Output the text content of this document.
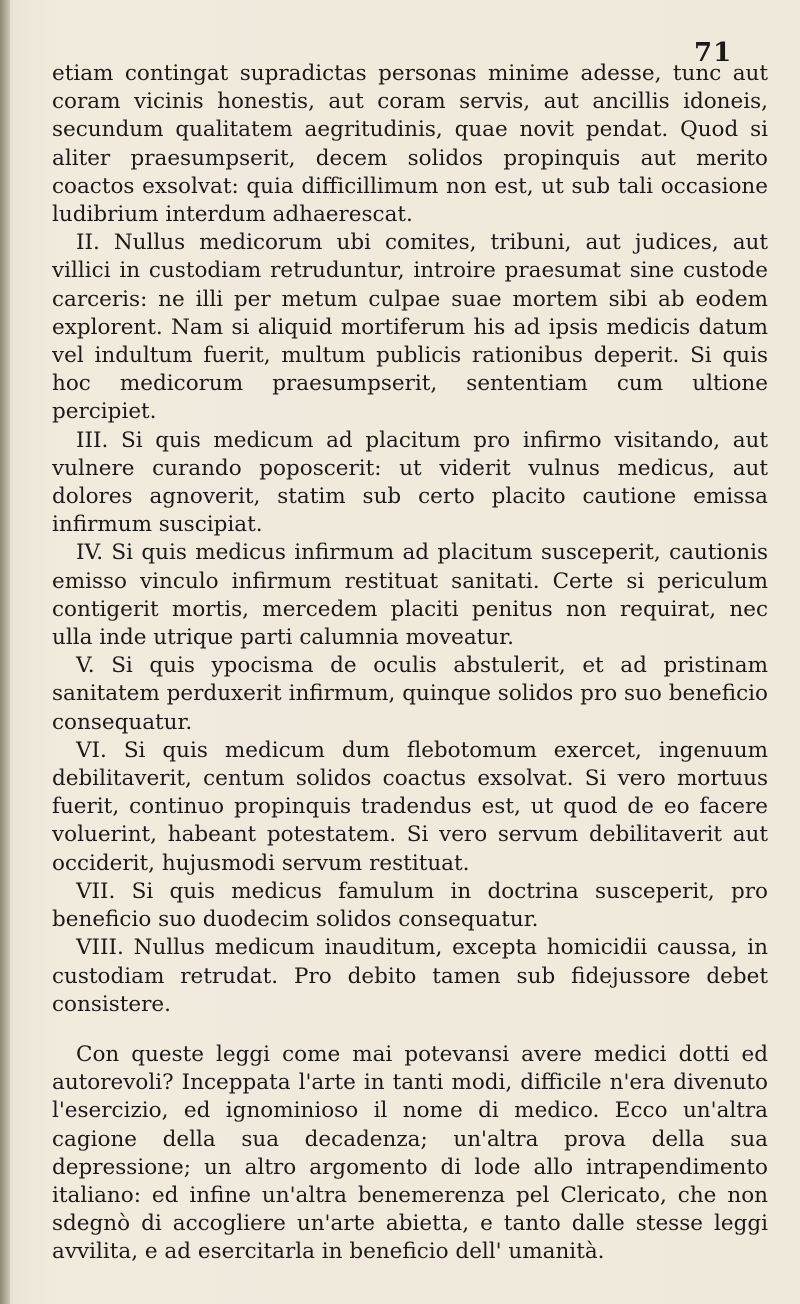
71

etiam contingat supradictas personas minime adesse, tunc aut coram vicinis honestis, aut coram servis, aut ancillis idoneis, secundum qualitatem aegritudinis, quae novit pendat. Quod si aliter praesumpserit, decem solidos propinquis aut merito coactos exsolvat: quia difficillimum non est, ut sub tali occasione ludibrium interdum adhaerescat.

II. Nullus medicorum ubi comites, tribuni, aut judices, aut villici in custodiam retruduntur, introire praesumat sine custode carceris: ne illi per metum culpae suae mortem sibi ab eodem explorent. Nam si aliquid mortiferum his ad ipsis medicis datum vel indultum fuerit, multum publicis rationibus deperit. Si quis hoc medicorum praesumpserit, sententiam cum ultione percipiet.

III. Si quis medicum ad placitum pro infirmo visitando, aut vulnere curando poposcerit: ut viderit vulnus medicus, aut dolores agnoverit, statim sub certo placito cautione emissa infirmum suscipiat.

IV. Si quis medicus infirmum ad placitum susceperit, cautionis emisso vinculo infirmum restituat sanitati. Certe si periculum contigerit mortis, mercedem placiti penitus non requirat, nec ulla inde utrique parti calumnia moveatur.

V. Si quis ypocisma de oculis abstulerit, et ad pristinam sanitatem perduxerit infirmum, quinque solidos pro suo beneficio consequatur.

VI. Si quis medicum dum flebotomum exercet, ingenuum debilitaverit, centum solidos coactus exsolvat. Si vero mortuus fuerit, continuo propinquis tradendus est, ut quod de eo facere voluerint, habeant potestatem. Si vero servum debilitaverit aut occiderit, hujusmodi servum restituat.

VII. Si quis medicus famulum in doctrina susceperit, pro beneficio suo duodecim solidos consequatur.

VIII. Nullus medicum inauditum, excepta homicidii caussa, in custodiam retrudat. Pro debito tamen sub fidejussore debet consistere.

Con queste leggi come mai potevansi avere medici dotti ed autorevoli? Inceppata l'arte in tanti modi, difficile n'era divenuto l'esercizio, ed ignominioso il nome di medico. Ecco un'altra cagione della sua decadenza; un'altra prova della sua depressione; un altro argomento di lode allo intrapendimento italiano: ed infine un'altra benemerenza pel Clericato, che non sdegnò di accogliere un'arte abietta, e tanto dalle stesse leggi avvilita, e ad esercitarla in beneficio dell' umanità.
